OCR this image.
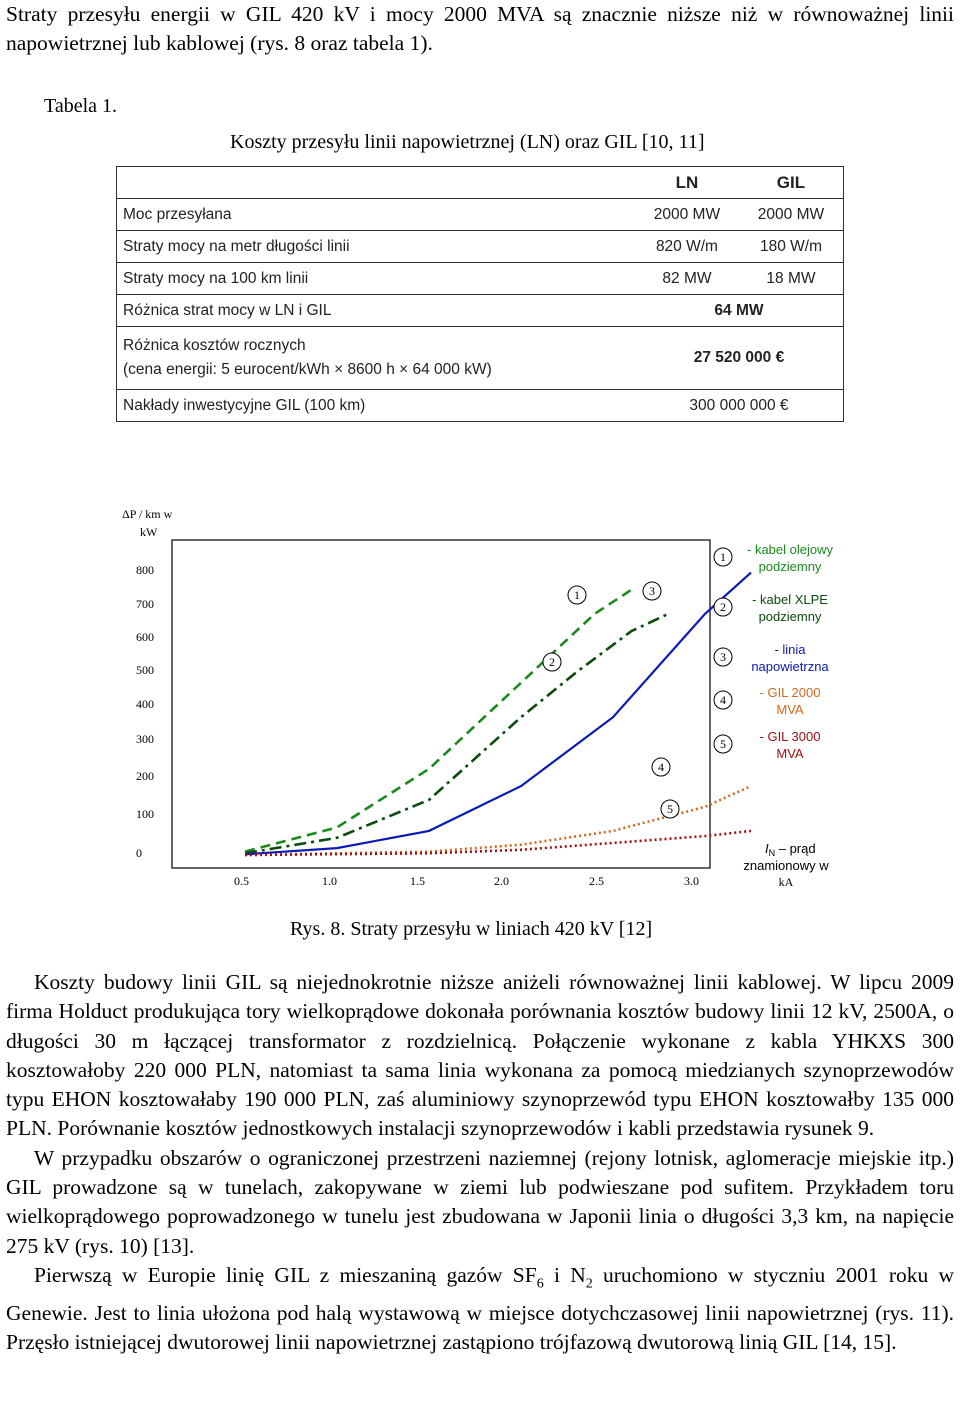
Straty przesyłu energii w GIL 420 kV i mocy 2000 MVA są znacznie niższe niż w równoważnej linii napowietrznej lub kablowej (rys. 8 oraz tabela 1).

Tabela 1.
Koszty przesyłu linii napowietrznej (LN) oraz GIL [10, 11]
	LN	GIL
Moc przesyłana	2000 MW	2000 MW
Straty mocy na metr długości linii	820 W/m	180 W/m
Straty mocy na 100 km linii	82 MW	18 MW
Różnica strat mocy w LN i GIL	64 MW	

Różnica kosztów rocznych
(cena energii: 5 eurocent/kWh × 8600 h × 64 000 kW)	27 520 000 €	
Nakłady inwestycyjne GIL (100 km)	300 000 000 €	
ΔP / km w
kW
800
700
600
500
400
300
200
100
0
0.5	1.0	1.5	2.0	2.5	3.0
1	3
2
4
5
1 - kabel olejowy
podziemny
2 - kabel XLPE
podziemny
3	- linia
napowietrzna
4	- GIL 2000
MVA
5	- GIL 3000
MVA
$I_N$ – prąd
znamionowy w
kA
Rys. 8. Straty przesyłu w liniach 420 kV [12]

Koszty budowy linii GIL są niejednokrotnie niższe aniżeli równoważnej linii kablowej. W lipcu 2009 firma Holduct produkująca tory wielkoprądowe dokonała porównania kosztów budowy linii 12 kV, 2500A, o długości 30 m łączącej transformator z rozdzielnicą. Połączenie wykonane z kabla YHKXS 300 kosztowałoby 220 000 PLN, natomiast ta sama linia wykonana za pomocą miedzianych szynoprzewodów typu EHON kosztowałaby 190 000 PLN, zaś aluminiowy szynoprzewód typu EHON kosztowałby 135 000 PLN. Porównanie kosztów jednostkowych instalacji szynoprzewodów i kabli przedstawia rysunek 9.

W przypadku obszarów o ograniczonej przestrzeni naziemnej (rejony lotnisk, aglomeracje miejskie itp.) GIL prowadzone są w tunelach, zakopywane w ziemi lub podwieszane pod sufitem. Przykładem toru wielkoprądowego poprowadzonego w tunelu jest zbudowana w Japonii linia o długości 3,3 km, na napięcie 275 kV (rys. 10) [13].

Pierwszą w Europie linię GIL z mieszaniną gazów $SF_6$ i $N_2$ uruchomiono w styczniu 2001 roku w Genewie. Jest to linia ułożona pod halą wystawową w miejsce dotychczasowej linii napowietrznej (rys. 11). Przęsło istniejącej dwutorowej linii napowietrznej zastąpiono trójfazową dwutorową linią GIL [14, 15].
